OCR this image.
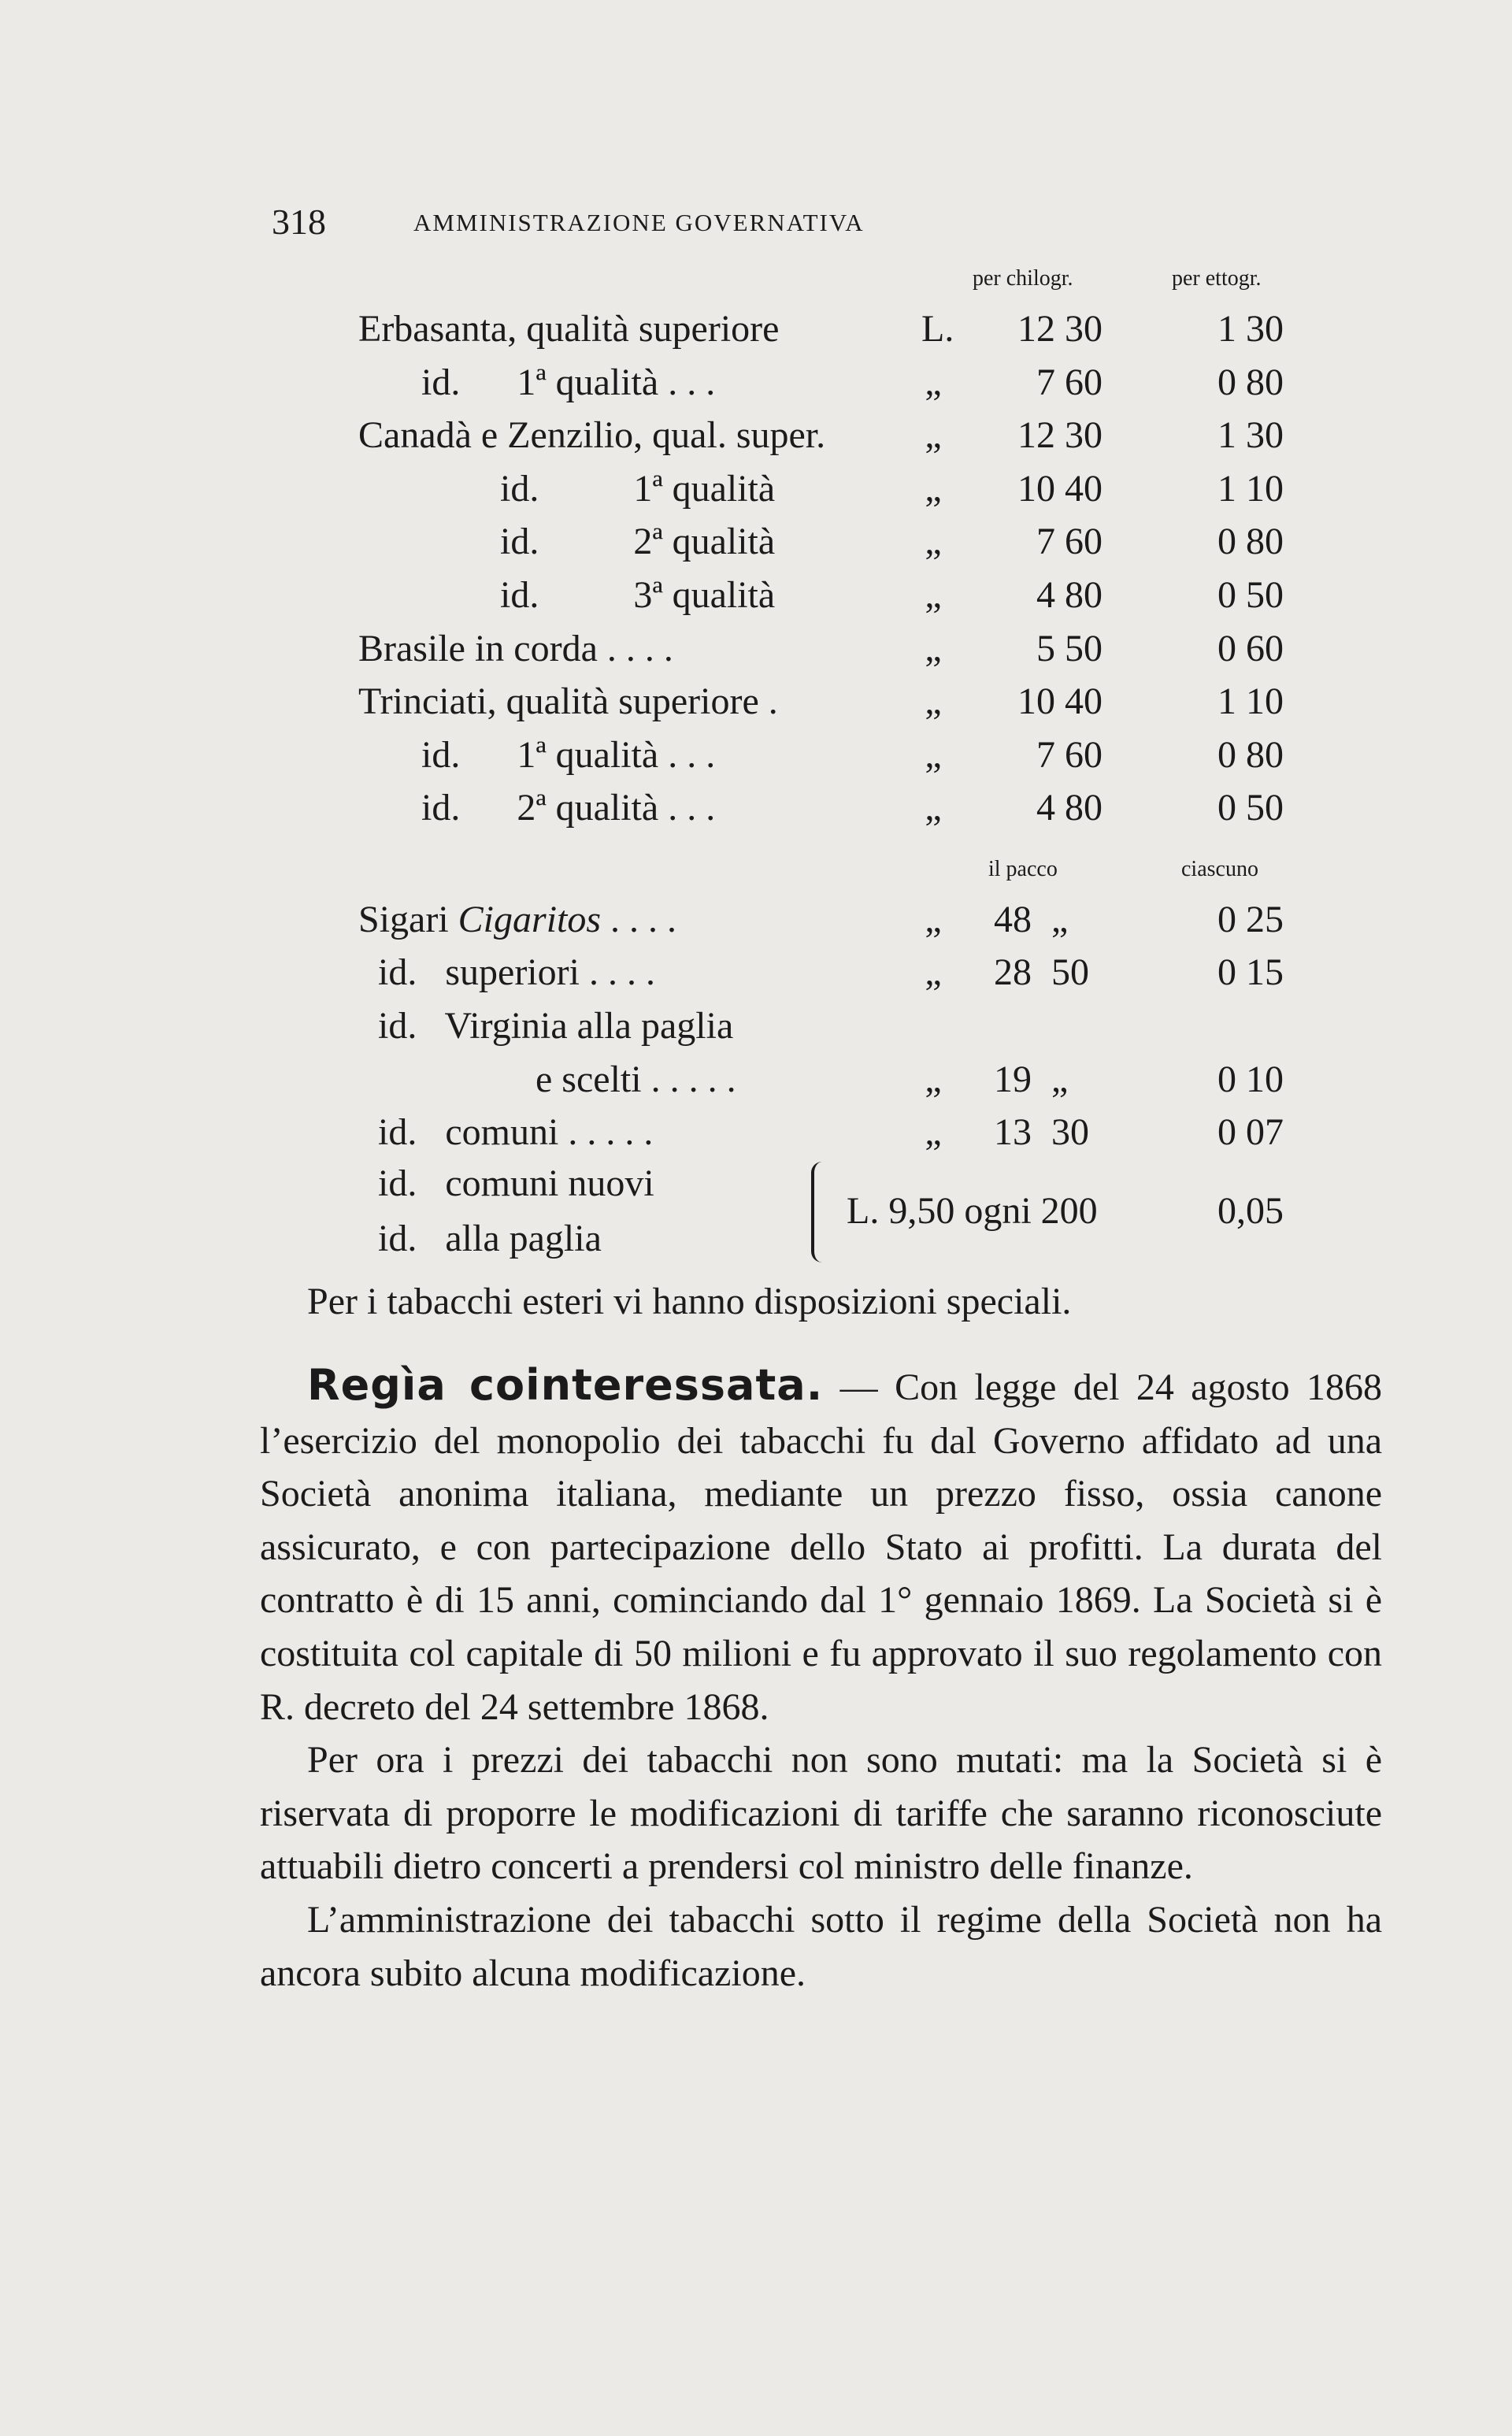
318	AMMINISTRAZIONE GOVERNATIVA
per chilogr.	per ettogr.
Erbasanta, qualità superiore	L.	12 30	1 30
id.      1ª qualità . . .	„	7 60	0 80
Canadà e Zenzilio, qual. super.	„	12 30	1 30
id.          1ª qualità	„	10 40	1 10
id.          2ª qualità	„	7 60	0 80
id.          3ª qualità	„	4 80	0 50
Brasile in corda . . . .	„	5 50	0 60
Trinciati, qualità superiore .	„	10 40	1 10
id.      1ª qualità . . .	„	7 60	0 80
id.      2ª qualità . . .	„	4 80	0 50
il pacco	ciascuno
Sigari Cigaritos . . . .	„	48 „	0 25
id.   superiori . . . .	„	28 50	0 15
id.   Virginia alla paglia
e scelti . . . . .	„	19 „	0 10
id.   comuni . . . . .	„	13 30	0 07
id.   comuni nuovi
id.   alla paglia
L. 9,50 ogni 200	0,05
Per i tabacchi esteri vi hanno disposizioni speciali.

Regìa cointeressata. — Con legge del 24 agosto 1868 l’esercizio del monopolio dei tabacchi fu dal Governo affidato ad una Società anonima italiana, mediante un prezzo fisso, ossia canone assicurato, e con partecipazione dello Stato ai profitti. La durata del contratto è di 15 anni, cominciando dal 1° gennaio 1869. La Società si è costituita col capitale di 50 milioni e fu approvato il suo regolamento con R. decreto del 24 settembre 1868.

Per ora i prezzi dei tabacchi non sono mutati: ma la Società si è riservata di proporre le modificazioni di tariffe che saranno riconosciute attuabili dietro concerti a prendersi col ministro delle finanze.

L’amministrazione dei tabacchi sotto il regime della Società non ha ancora subito alcuna modificazione.
